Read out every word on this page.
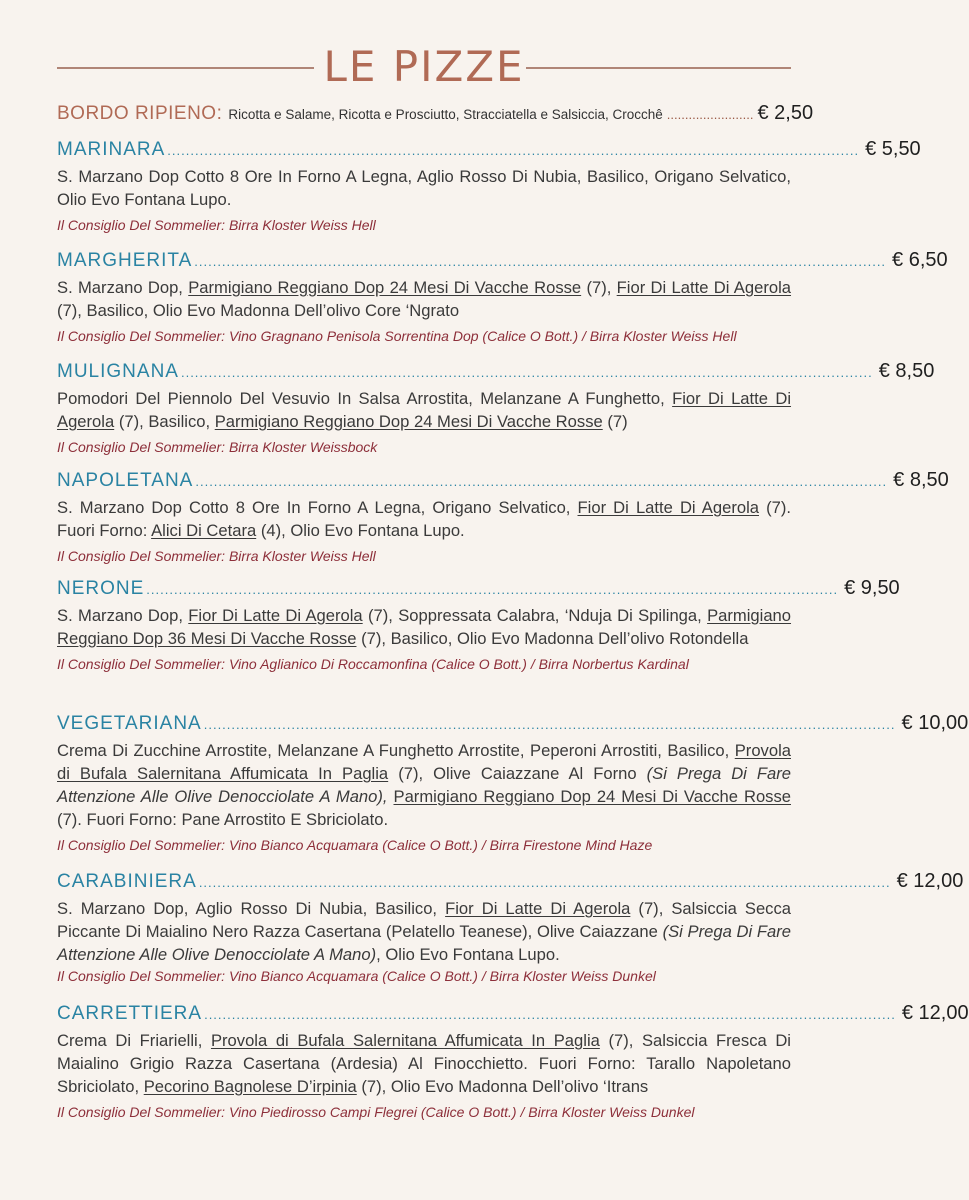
LE PIZZE
BORDO RIPIENO: Ricotta e Salame, Ricotta e Prosciutto, Stracciatella e Salsiccia, Crocchê ........................ € 2,50
MARINARA ...................................................................................................................................................... € 5,50
S. Marzano Dop Cotto 8 Ore In Forno A Legna, Aglio Rosso Di Nubia, Basilico, Origano Selvatico, Olio Evo Fontana Lupo.
Il Consiglio Del Sommelier: Birra Kloster Weiss Hell
MARGHERITA ...................................................................................................................................................... € 6,50
S. Marzano Dop, Parmigiano Reggiano Dop 24 Mesi Di Vacche Rosse (7), Fior Di Latte Di Agerola (7), Basilico, Olio Evo Madonna Dell’olivo Core ‘Ngrato
Il Consiglio Del Sommelier: Vino Gragnano Penisola Sorrentina Dop (Calice O Bott.) / Birra Kloster Weiss Hell
MULIGNANA ...................................................................................................................................................... € 8,50
Pomodori Del Piennolo Del Vesuvio In Salsa Arrostita, Melanzane A Funghetto, Fior Di Latte Di Agerola (7), Basilico, Parmigiano Reggiano Dop 24 Mesi Di Vacche Rosse (7)
Il Consiglio Del Sommelier: Birra Kloster Weissbock
NAPOLETANA ...................................................................................................................................................... € 8,50
S. Marzano Dop Cotto 8 Ore In Forno A Legna, Origano Selvatico, Fior Di Latte Di Agerola (7). Fuori Forno: Alici Di Cetara (4), Olio Evo Fontana Lupo.
Il Consiglio Del Sommelier: Birra Kloster Weiss Hell
NERONE ...................................................................................................................................................... € 9,50
S. Marzano Dop, Fior Di Latte Di Agerola (7), Soppressata Calabra, ‘Nduja Di Spilinga, Parmigiano Reggiano Dop 36 Mesi Di Vacche Rosse (7), Basilico, Olio Evo Madonna Dell’olivo Rotondella
Il Consiglio Del Sommelier: Vino Aglianico Di Roccamonfina (Calice O Bott.) / Birra Norbertus Kardinal
VEGETARIANA ...................................................................................................................................................... € 10,00
Crema Di Zucchine Arrostite, Melanzane A Funghetto Arrostite, Peperoni Arrostiti, Basilico, Provola di Bufala Salernitana Affumicata In Paglia (7), Olive Caiazzane Al Forno (Si Prega Di Fare Attenzione Alle Olive Denocciolate A Mano), Parmigiano Reggiano Dop 24 Mesi Di Vacche Rosse (7). Fuori Forno: Pane Arrostito E Sbriciolato.
Il Consiglio Del Sommelier: Vino Bianco Acquamara (Calice O Bott.) / Birra Firestone Mind Haze
CARABINIERA ...................................................................................................................................................... € 12,00
S. Marzano Dop, Aglio Rosso Di Nubia, Basilico, Fior Di Latte Di Agerola (7), Salsiccia Secca Piccante Di Maialino Nero Razza Casertana (Pelatello Teanese), Olive Caiazzane (Si Prega Di Fare Attenzione Alle Olive Denocciolate A Mano), Olio Evo Fontana Lupo.
Il Consiglio Del Sommelier: Vino Bianco Acquamara (Calice O Bott.) / Birra Kloster Weiss Dunkel
CARRETTIERA ...................................................................................................................................................... € 12,00
Crema Di Friarielli, Provola di Bufala Salernitana Affumicata In Paglia (7), Salsiccia Fresca Di Maialino Grigio Razza Casertana (Ardesia) Al Finocchietto. Fuori Forno: Tarallo Napoletano Sbriciolato, Pecorino Bagnolese D’irpinia (7), Olio Evo Madonna Dell’olivo ‘Itrans
Il Consiglio Del Sommelier: Vino Piedirosso Campi Flegrei (Calice O Bott.) / Birra Kloster Weiss Dunkel
